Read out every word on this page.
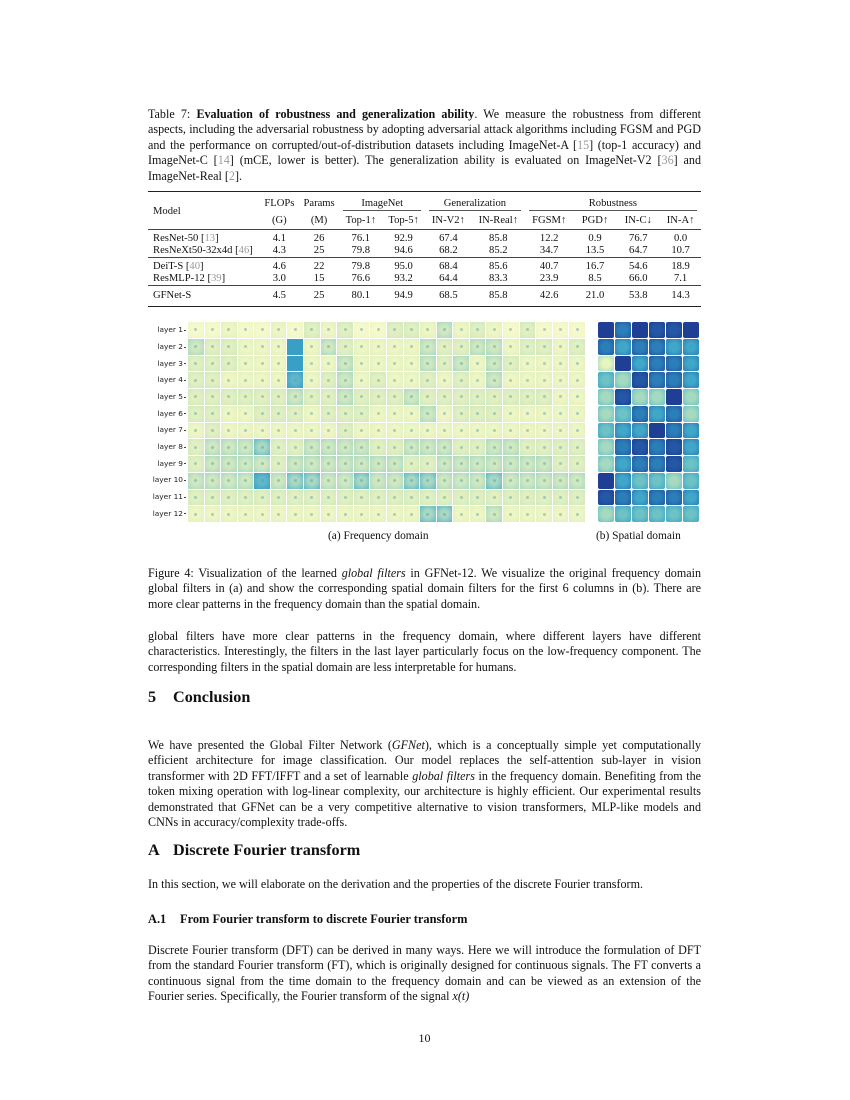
Table 7: Evaluation of robustness and generalization ability. We measure the robustness from different aspects, including the adversarial robustness by adopting adversarial attack algorithms including FGSM and PGD and the performance on corrupted/out-of-distribution datasets including ImageNet-A [15] (top-1 accuracy) and ImageNet-C [14] (mCE, lower is better). The generalization ability is evaluated on ImageNet-V2 [36] and ImageNet-Real [2].

Model	FLOPs	Params	ImageNet		Generalization		Robustness			

	(G)	(M)	Top-1↑	Top-5↑	IN-V2↑	IN-Real↑	FGSM↑	PGD↑	IN-C↓	IN-A↑
ResNet-50 [13]	4.1	26	76.1	92.9	67.4	85.8	12.2	0.9	76.7	0.0
ResNeXt50-32x4d [46]	4.3	25	79.8	94.6	68.2	85.2	34.7	13.5	64.7	10.7
DeiT-S [40]	4.6	22	79.8	95.0	68.4	85.6	40.7	16.7	54.6	18.9
ResMLP-12 [39]	3.0	15	76.6	93.2	64.4	83.3	23.9	8.5	66.0	7.1
GFNet-S	4.5	25	80.1	94.9	68.5	85.8	42.6	21.0	53.8	14.3
layer 1
layer 2
layer 3
layer 4
layer 5
layer 6
layer 7
layer 8
layer 9
layer 10
layer 11
layer 12
(a) Frequency domain	(b) Spatial domain

Figure 4: Visualization of the learned global filters in GFNet-12. We visualize the original frequency domain global filters in (a) and show the corresponding spatial domain filters for the first 6 columns in (b). There are more clear patterns in the frequency domain than the spatial domain.

global filters have more clear patterns in the frequency domain, where different layers have different characteristics. Interestingly, the filters in the last layer particularly focus on the low-frequency component. The corresponding filters in the spatial domain are less interpretable for humans.

5 Conclusion

We have presented the Global Filter Network (GFNet), which is a conceptually simple yet computationally efficient architecture for image classification. Our model replaces the self-attention sub-layer in vision transformer with 2D FFT/IFFT and a set of learnable global filters in the frequency domain. Benefiting from the token mixing operation with log-linear complexity, our architecture is highly efficient. Our experimental results demonstrated that GFNet can be a very competitive alternative to vision transformers, MLP-like models and CNNs in accuracy/complexity trade-offs.

A Discrete Fourier transform

In this section, we will elaborate on the derivation and the properties of the discrete Fourier transform.

A.1 From Fourier transform to discrete Fourier transform

Discrete Fourier transform (DFT) can be derived in many ways. Here we will introduce the formulation of DFT from the standard Fourier transform (FT), which is originally designed for continuous signals. The FT converts a continuous signal from the time domain to the frequency domain and can be viewed as an extension of the Fourier series. Specifically, the Fourier transform of the signal x(t)

10
